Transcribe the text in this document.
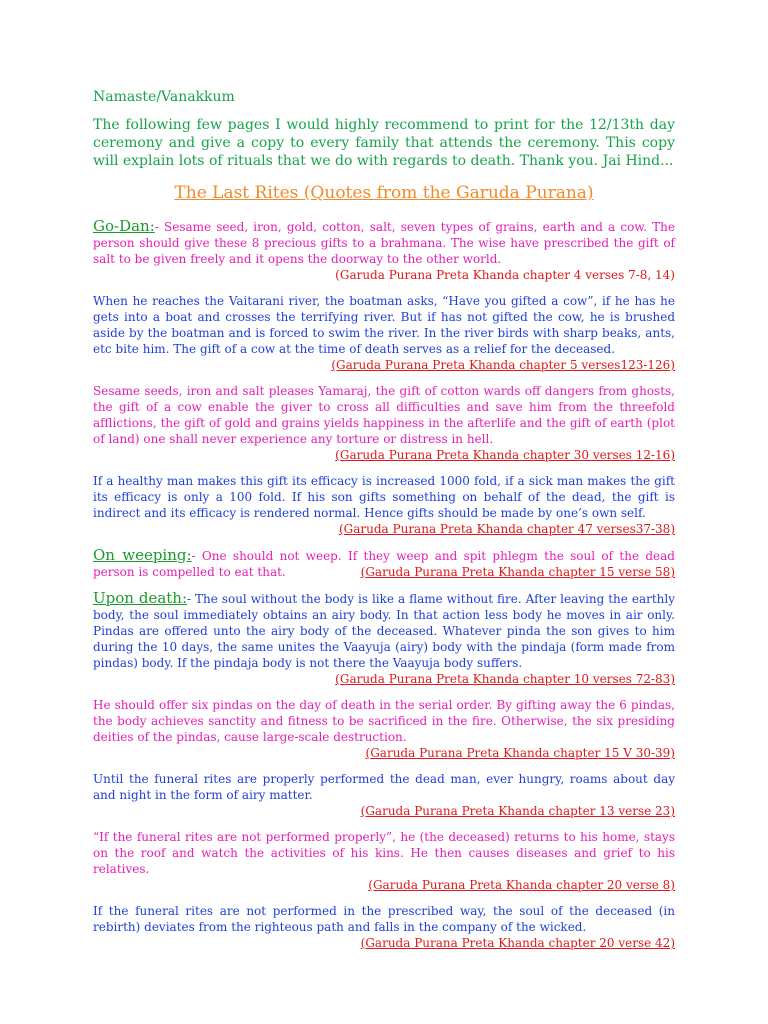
Namaste/Vanakkum

The following few pages I would highly recommend to print for the 12/13th day ceremony and give a copy to every family that attends the ceremony. This copy will explain lots of rituals that we do with regards to death. Thank you. Jai Hind...

The Last Rites (Quotes from the Garuda Purana)
Go-Dan:- Sesame seed, iron, gold, cotton, salt, seven types of grains, earth and a cow. The person should give these 8 precious gifts to a brahmana. The wise have prescribed the gift of salt to be given freely and it opens the doorway to the other world.
(Garuda Purana Preta Khanda chapter 4 verses 7-8, 14)
When he reaches the Vaitarani river, the boatman asks, “Have you gifted a cow”, if he has he gets into a boat and crosses the terrifying river. But if has not gifted the cow, he is brushed aside by the boatman and is forced to swim the river. In the river birds with sharp beaks, ants, etc bite him. The gift of a cow at the time of death serves as a relief for the deceased.
(Garuda Purana Preta Khanda chapter 5 verses123-126)
Sesame seeds, iron and salt pleases Yamaraj, the gift of cotton wards off dangers from ghosts, the gift of a cow enable the giver to cross all difficulties and save him from the threefold afflictions, the gift of gold and grains yields happiness in the afterlife and the gift of earth (plot of land) one shall never experience any torture or distress in hell.
(Garuda Purana Preta Khanda chapter 30 verses 12-16)
If a healthy man makes this gift its efficacy is increased 1000 fold, if a sick man makes the gift its efficacy is only a 100 fold. If his son gifts something on behalf of the dead, the gift is indirect and its efficacy is rendered normal. Hence gifts should be made by one’s own self.
(Garuda Purana Preta Khanda chapter 47 verses37-38)
On weeping:- One should not weep. If they weep and spit phlegm the soul of the dead person is compelled to eat that.	(Garuda Purana Preta Khanda chapter 15 verse 58)
Upon death:- The soul without the body is like a flame without fire. After leaving the earthly body, the soul immediately obtains an airy body. In that action less body he moves in air only. Pindas are offered unto the airy body of the deceased. Whatever pinda the son gives to him during the 10 days, the same unites the Vaayuja (airy) body with the pindaja (form made from pindas) body. If the pindaja body is not there the Vaayuja body suffers.
(Garuda Purana Preta Khanda chapter 10 verses 72-83)
He should offer six pindas on the day of death in the serial order. By gifting away the 6 pindas, the body achieves sanctity and fitness to be sacrificed in the fire. Otherwise, the six presiding deities of the pindas, cause large-scale destruction.
(Garuda Purana Preta Khanda chapter 15 V 30-39)
Until the funeral rites are properly performed the dead man, ever hungry, roams about day and night in the form of airy matter.
(Garuda Purana Preta Khanda chapter 13 verse 23)
“If the funeral rites are not performed properly”, he (the deceased) returns to his home, stays on the roof and watch the activities of his kins. He then causes diseases and grief to his relatives.
(Garuda Purana Preta Khanda chapter 20 verse 8)
If the funeral rites are not performed in the prescribed way, the soul of the deceased (in rebirth) deviates from the righteous path and falls in the company of the wicked.
(Garuda Purana Preta Khanda chapter 20 verse 42)
